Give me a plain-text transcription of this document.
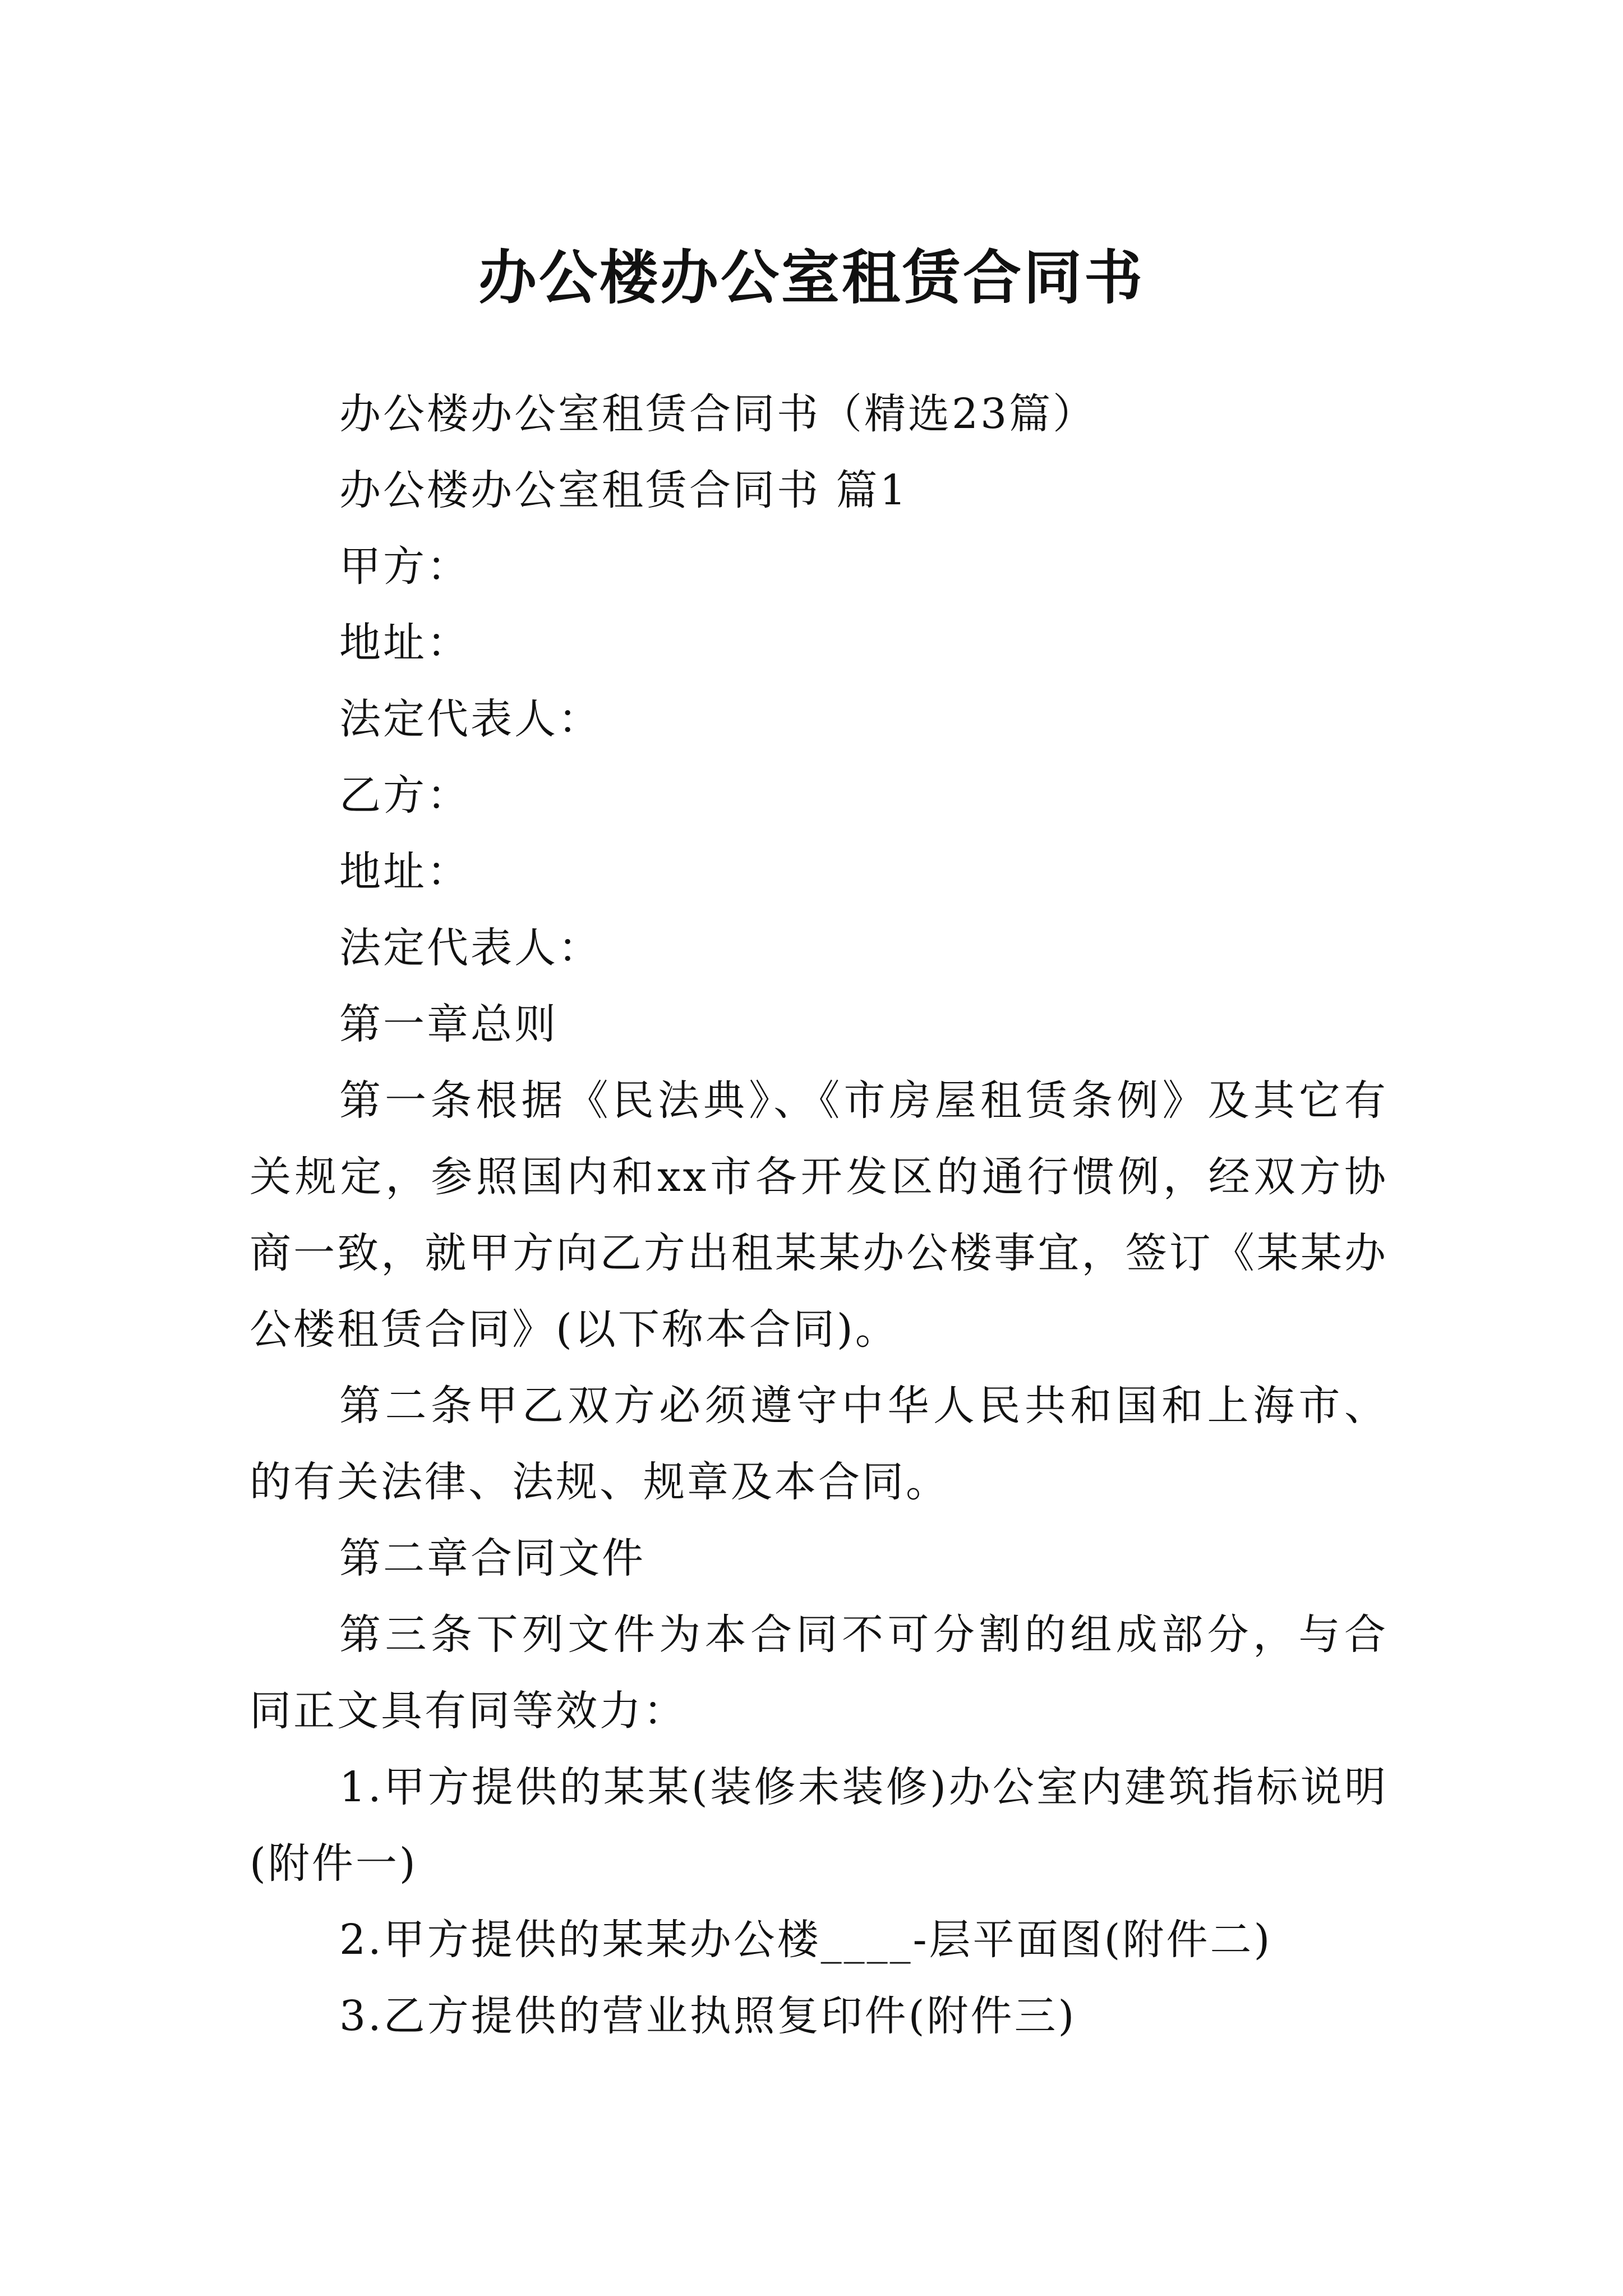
办公楼办公室租赁合同书

办公楼办公室租赁合同书（精选23篇）

办公楼办公室租赁合同书 篇1

甲方：

地址：

法定代表人：

乙方：

地址：

法定代表人：

第一章总则

第一条根据《民法典》、《市房屋租赁条例》及其它有关规定，参照国内和xx市各开发区的通行惯例，经双方协商一致，就甲方向乙方出租某某办公楼事宜，签订《某某办公楼租赁合同》(以下称本合同)。

第二条甲乙双方必须遵守中华人民共和国和上海市、的有关法律、法规、规章及本合同。

第二章合同文件

第三条下列文件为本合同不可分割的组成部分，与合同正文具有同等效力：

1.甲方提供的某某(装修未装修)办公室内建筑指标说明(附件一)

2.甲方提供的某某办公楼____-层平面图(附件二)

3.乙方提供的营业执照复印件(附件三)
